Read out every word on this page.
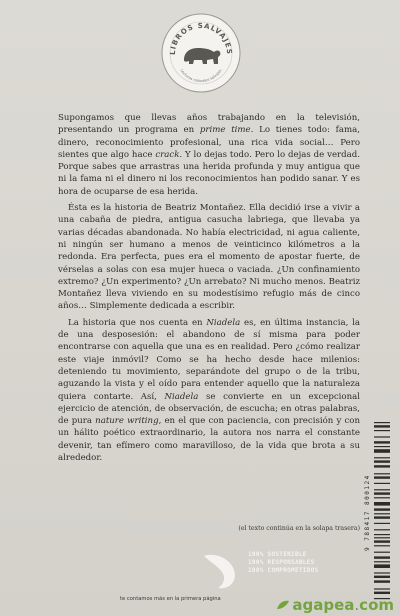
LIBROS SALVAJES
Lecturas naturales salvajes

Supongamos que llevas años trabajando en la televisión, presentando un programa en prime time. Lo tienes todo: fama, dinero, reconocimiento profesional, una rica vida social… Pero sientes que algo hace crack. Y lo dejas todo. Pero lo dejas de verdad. Porque sabes que arrastras una herida profunda y muy antigua que ni la fama ni el dinero ni los reconocimientos han podido sanar. Y es hora de ocuparse de esa herida.

Ésta es la historia de Beatriz Montañez. Ella decidió irse a vivir a una cabaña de piedra, antigua casucha labriega, que llevaba ya varias décadas abandonada. No había electricidad, ni agua caliente, ni ningún ser humano a menos de veinticinco kilómetros a la redonda. Era perfecta, pues era el momento de apostar fuerte, de vérselas a solas con esa mujer hueca o vaciada. ¿Un confinamiento extremo? ¿Un experimento? ¿Un arrebato? Ni mucho menos. Beatriz Montañez lleva viviendo en su modestísimo refugio más de cinco años… Simplemente dedicada a escribir.

La historia que nos cuenta en Niadela es, en última instancia, la de una desposesión: el abandono de sí misma para poder encontrarse con aquella que una es en realidad. Pero ¿cómo realizar este viaje inmóvil? Como se ha hecho desde hace milenios: deteniendo tu movimiento, separándote del grupo o de la tribu, aguzando la vista y el oído para entender aquello que la naturaleza quiera contarte. Así, Niadela se convierte en un excepcional ejercicio de atención, de observación, de escucha; en otras palabras, de pura nature writing, en el que con paciencia, con precisión y con un hálito poético extraordinario, la autora nos narra el constante devenir, tan efímero como maravilloso, de la vida que brota a su alrededor.

(el texto continúa en la solapa trasera)
100% SOSTENIBLE
100% RESPONSABLES
100% COMPROMETIDOS
te contamos más en la primera página
9 788417 800124
agapea.com
